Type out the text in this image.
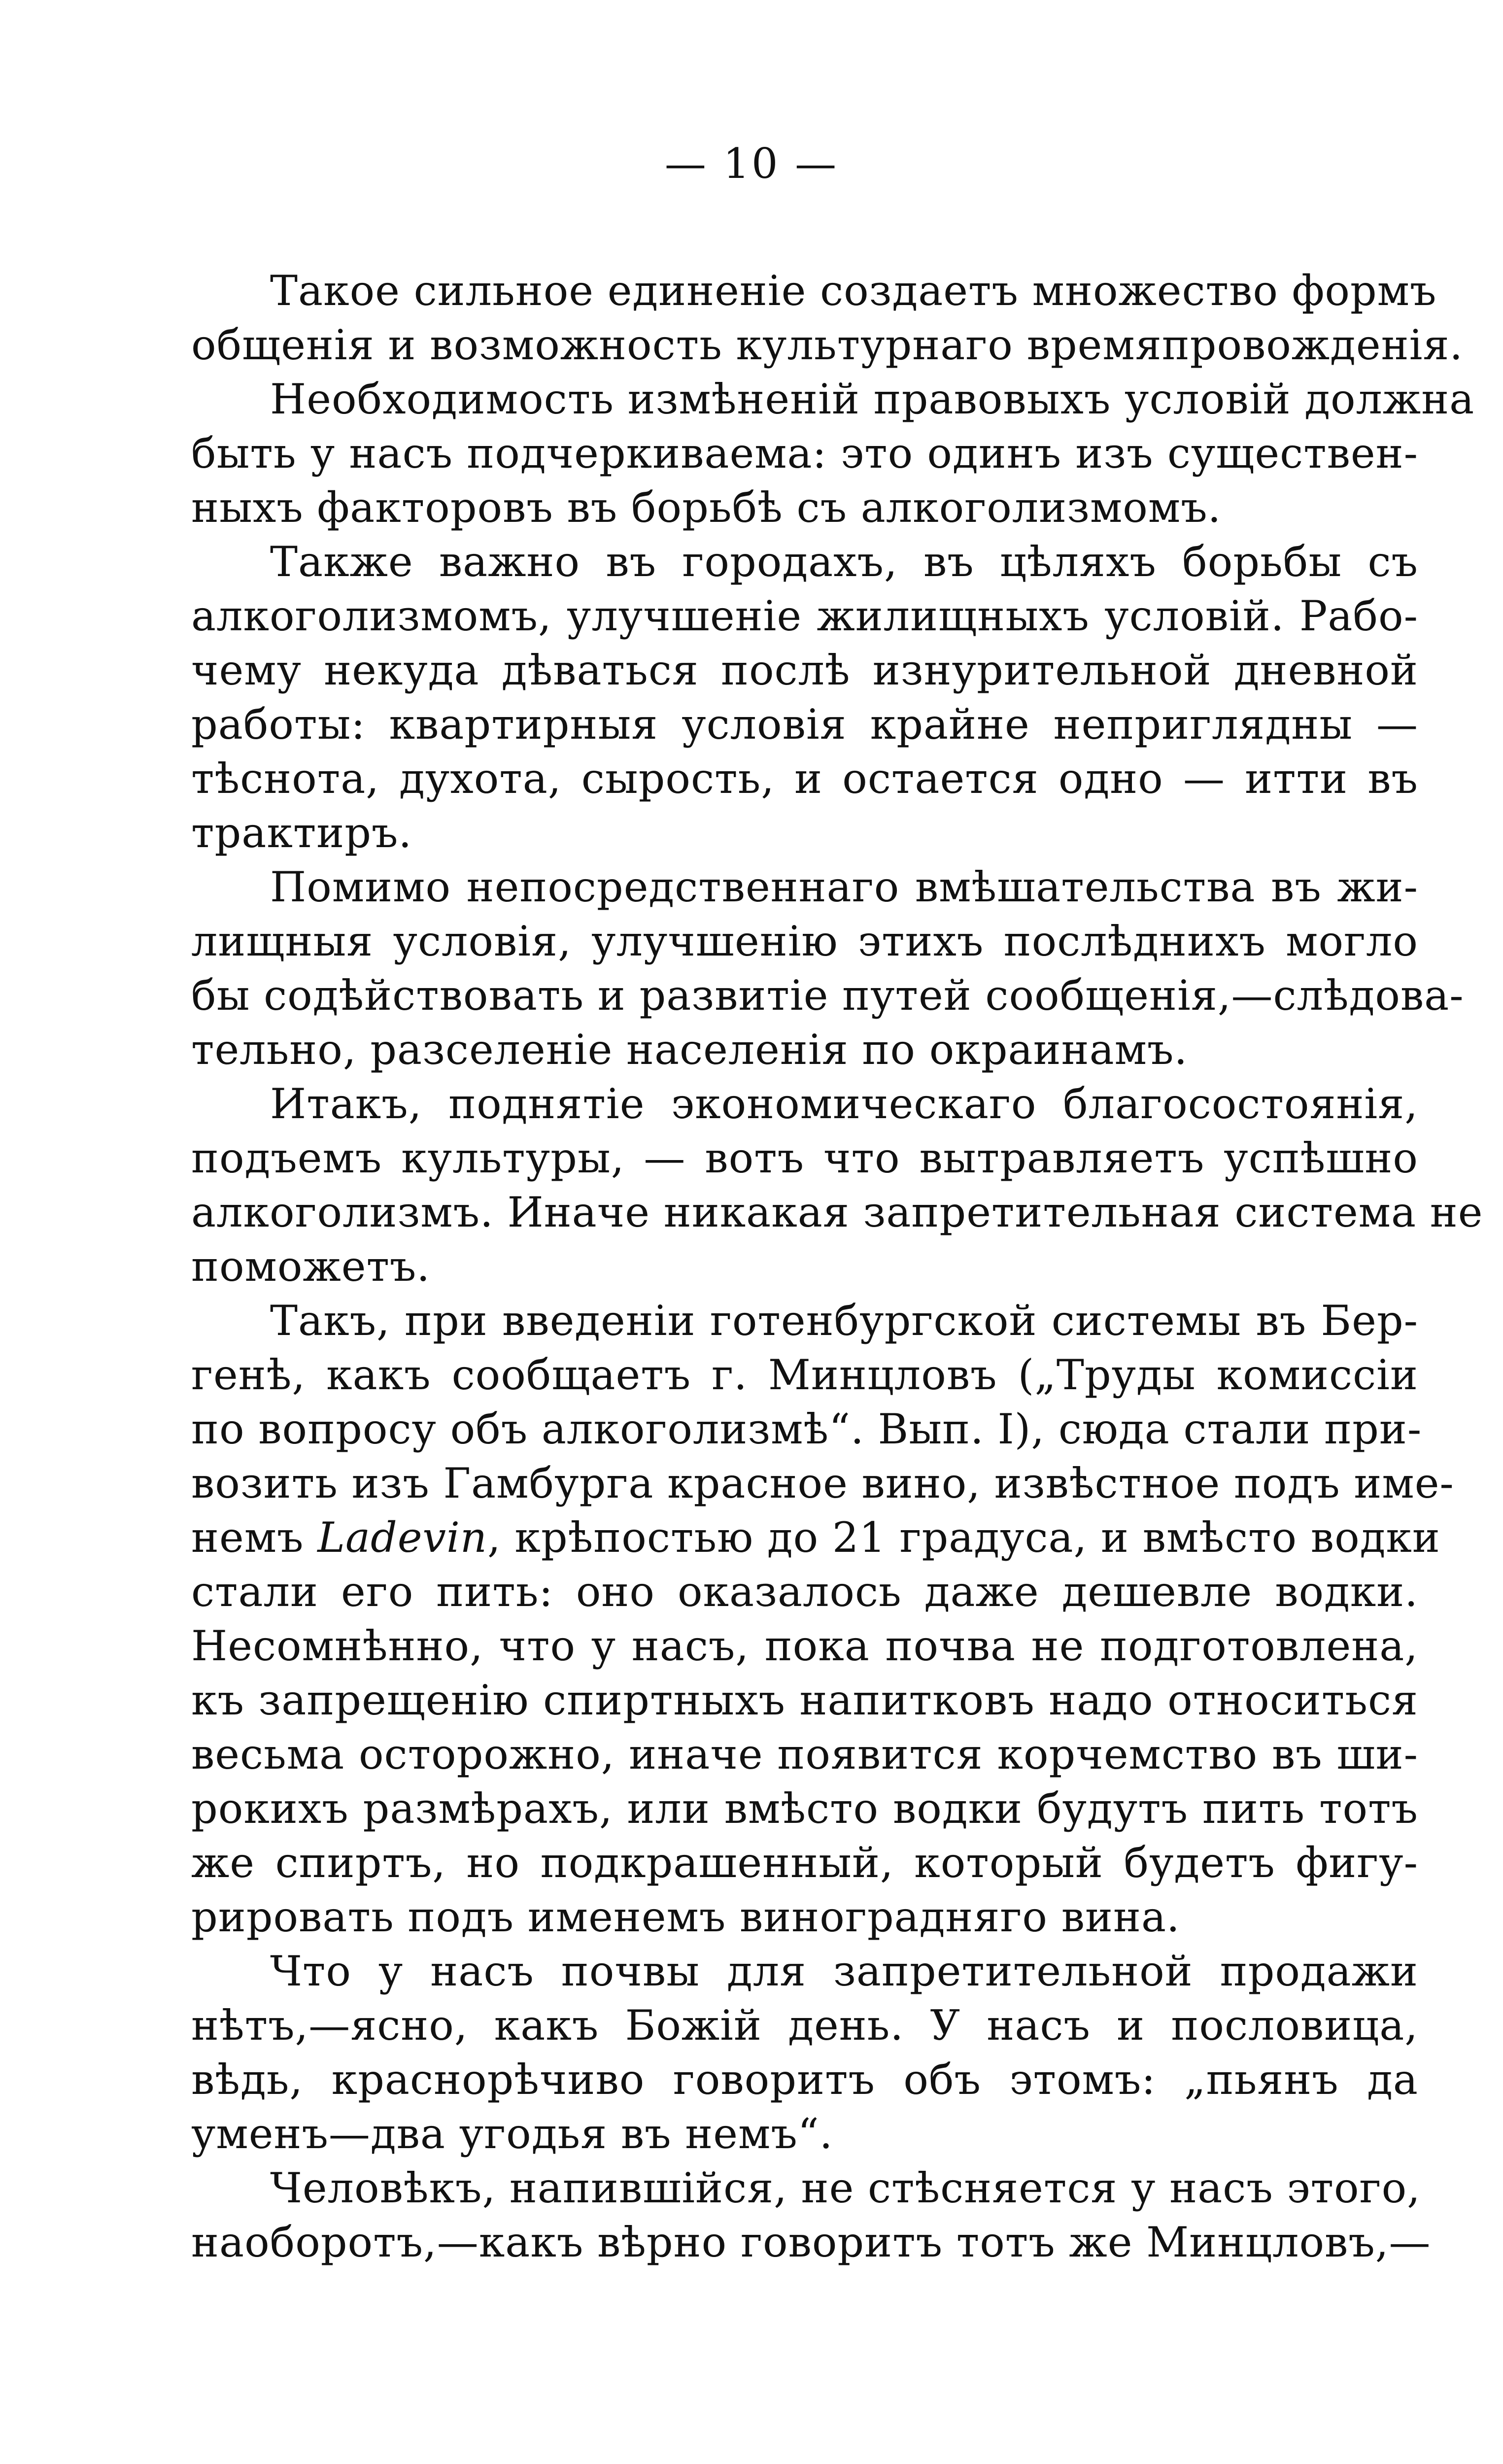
— 10 —

Такое сильное единенiе создаетъ множество формъ
общенiя и возможность культурнаго времяпровожденiя.

Необходимость измѣненiй правовыхъ условiй должна
быть у насъ подчеркиваема: это одинъ изъ существен-
ныхъ факторовъ въ борьбѣ съ алкоголизмомъ.

Также важно въ городахъ, въ цѣляхъ борьбы съ
алкоголизмомъ, улучшенiе жилищныхъ условiй. Рабо-
чему некуда дѣваться послѣ изнурительной дневной
работы: квартирныя условiя крайне неприглядны —
тѣснота, духота, сырость, и остается одно — итти въ
трактиръ.

Помимо непосредственнаго вмѣшательства въ жи-
лищныя условiя, улучшенiю этихъ послѣднихъ могло
бы содѣйствовать и развитiе путей сообщенiя,—слѣдова-
тельно, разселенiе населенiя по окраинамъ.

Итакъ, поднятiе экономическаго благосостоянiя,
подъемъ культуры, — вотъ что вытравляетъ успѣшно
алкоголизмъ. Иначе никакая запретительная система не
поможетъ.

Такъ, при введенiи готенбургской системы въ Бер-
генѣ, какъ сообщаетъ г. Минцловъ („Труды комиссiи
по вопросу объ алкоголизмѣ“. Вып. I), сюда стали при-
возить изъ Гамбурга красное вино, извѣстное подъ име-
немъ Ladevin, крѣпостью до 21 градуса, и вмѣсто водки
стали его пить: оно оказалось даже дешевле водки.
Несомнѣнно, что у насъ, пока почва не подготовлена,
къ запрещенiю спиртныхъ напитковъ надо относиться
весьма осторожно, иначе появится корчемство въ ши-
рокихъ размѣрахъ, или вмѣсто водки будутъ пить тотъ
же спиртъ, но подкрашенный, который будетъ фигу-
рировать подъ именемъ виноградняго вина.

Что у насъ почвы для запретительной продажи
нѣтъ,—ясно, какъ Божiй день. У насъ и пословица,
вѣдь, краснорѣчиво говоритъ объ этомъ: „пьянъ да
уменъ—два угодья въ немъ“.

Человѣкъ, напившiйся, не стѣсняется у насъ этого,
наоборотъ,—какъ вѣрно говоритъ тотъ же Минцловъ,—
